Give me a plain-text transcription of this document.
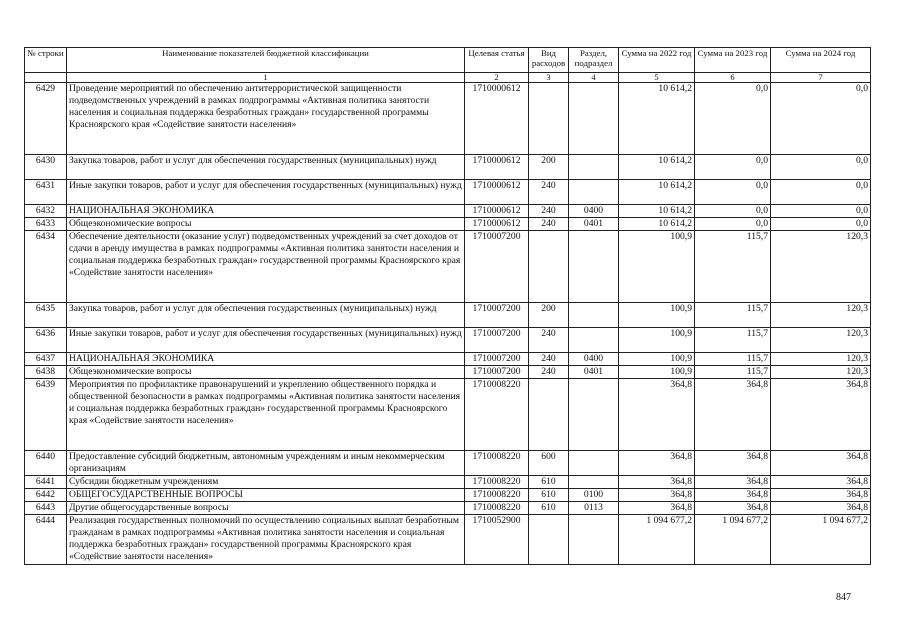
№ строки	Наименование показателей бюджетной классификации	Целевая статья	Вид расходов	Раздел, подраздел	Сумма на 2022 год	Сумма на 2023 год	Сумма на 2024 год
	1	2	3	4	5	6	7
6429	Проведение мероприятий по обеспечению антитеррористической защищенности подведомственных учреждений в рамках подпрограммы «Активная политика занятости населения и социальная поддержка безработных граждан» государственной программы Красноярского края «Содействие занятости населения»	1710000612			10 614,2	0,0	0,0
6430	Закупка товаров, работ и услуг для обеспечения государственных (муниципальных) нужд	1710000612	200		10 614,2	0,0	0,0
6431	Иные закупки товаров, работ и услуг для обеспечения государственных (муниципальных) нужд	1710000612	240		10 614,2	0,0	0,0
6432	НАЦИОНАЛЬНАЯ ЭКОНОМИКА	1710000612	240	0400	10 614,2	0,0	0,0
6433	Общеэкономические вопросы	1710000612	240	0401	10 614,2	0,0	0,0
6434	Обеспечение деятельности (оказание услуг) подведомственных учреждений за счет доходов от сдачи в аренду имущества в рамках подпрограммы «Активная политика занятости населения и социальная поддержка безработных граждан» государственной программы Красноярского края «Содействие занятости населения»	1710007200			100,9	115,7	120,3
6435	Закупка товаров, работ и услуг для обеспечения государственных (муниципальных) нужд	1710007200	200		100,9	115,7	120,3
6436	Иные закупки товаров, работ и услуг для обеспечения государственных (муниципальных) нужд	1710007200	240		100,9	115,7	120,3
6437	НАЦИОНАЛЬНАЯ ЭКОНОМИКА	1710007200	240	0400	100,9	115,7	120,3
6438	Общеэкономические вопросы	1710007200	240	0401	100,9	115,7	120,3
6439	Мероприятия по профилактике правонарушений и укреплению общественного порядка и общественной безопасности в рамках подпрограммы «Активная политика занятости населения и социальная поддержка безработных граждан» государственной программы Красноярского края «Содействие занятости населения»	1710008220			364,8	364,8	364,8
6440	Предоставление субсидий бюджетным, автономным учреждениям и иным некоммерческим организациям	1710008220	600		364,8	364,8	364,8
6441	Субсидии бюджетным учреждениям	1710008220	610		364,8	364,8	364,8
6442	ОБЩЕГОСУДАРСТВЕННЫЕ ВОПРОСЫ	1710008220	610	0100	364,8	364,8	364,8
6443	Другие общегосударственные вопросы	1710008220	610	0113	364,8	364,8	364,8
6444	Реализация государственных полномочий по осуществлению социальных выплат безработным гражданам в рамках подпрограммы «Активная политика занятости населения и социальная поддержка безработных граждан» государственной программы Красноярского края «Содействие занятости населения»	1710052900			1 094 677,2	1 094 677,2	1 094 677,2
847
